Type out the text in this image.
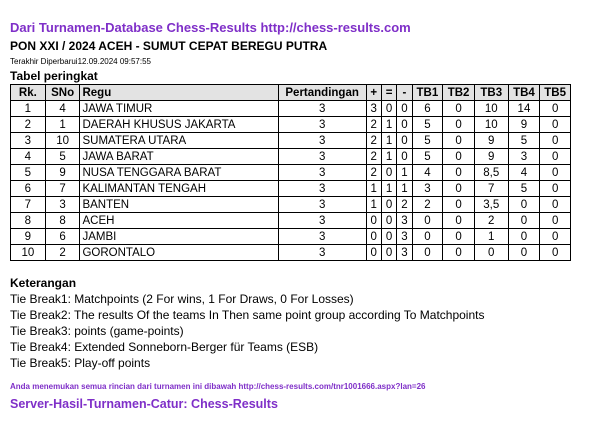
Dari Turnamen-Database Chess-Results http://chess-results.com
PON XXI / 2024 ACEH - SUMUT CEPAT BEREGU PUTRA
Terakhir Diperbarui12.09.2024 09:57:55
Tabel peringkat
Rk.	SNo	Regu	Pertandingan	+	=	-	TB1	TB2	TB3	TB4	TB5
1	4	JAWA TIMUR	3	3	0	0	6	0	10	14	0
2	1	DAERAH KHUSUS JAKARTA	3	2	1	0	5	0	10	9	0
3	10	SUMATERA UTARA	3	2	1	0	5	0	9	5	0
4	5	JAWA BARAT	3	2	1	0	5	0	9	3	0
5	9	NUSA TENGGARA BARAT	3	2	0	1	4	0	8,5	4	0
6	7	KALIMANTAN TENGAH	3	1	1	1	3	0	7	5	0
7	3	BANTEN	3	1	0	2	2	0	3,5	0	0
8	8	ACEH	3	0	0	3	0	0	2	0	0
9	6	JAMBI	3	0	0	3	0	0	1	0	0
10	2	GORONTALO	3	0	0	3	0	0	0	0	0
Keterangan
Tie Break1: Matchpoints (2 For wins, 1 For Draws, 0 For Losses)
Tie Break2: The results Of the teams In Then same point group according To Matchpoints
Tie Break3: points (game-points)
Tie Break4: Extended Sonneborn-Berger für Teams (ESB)
Tie Break5: Play-off points
Anda menemukan semua rincian dari turnamen ini dibawah http://chess-results.com/tnr1001666.aspx?lan=26
Server-Hasil-Turnamen-Catur: Chess-Results
